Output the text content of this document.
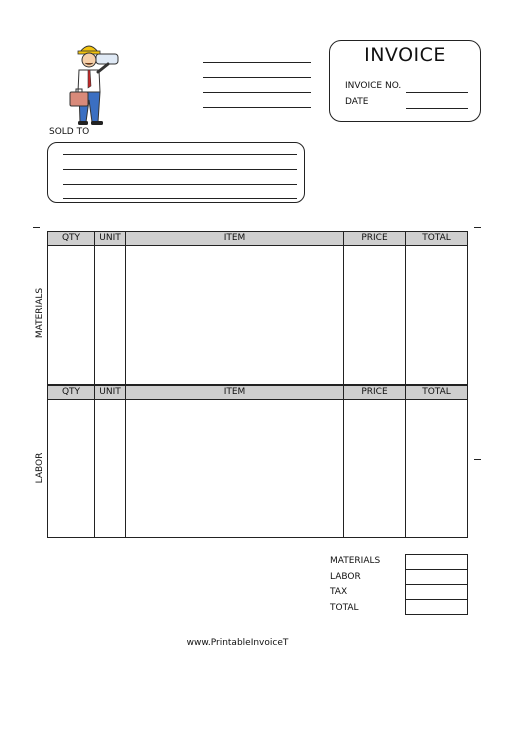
INVOICE
INVOICE NO.
DATE
SOLD TO
QTY	UNIT	ITEM	PRICE	TOTAL

MATERIALS
QTY	UNIT	ITEM	PRICE	TOTAL

LABOR
MATERIALS
LABOR
TAX
TOTAL

www.PrintableInvoiceT
